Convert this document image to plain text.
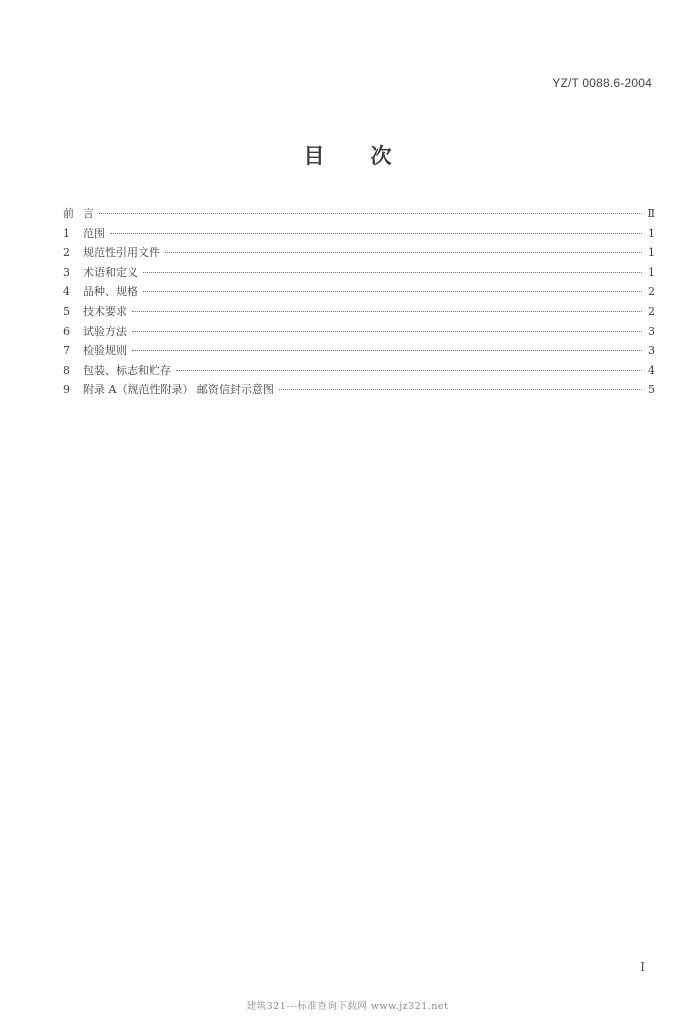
YZ/T 0088.6-2004
目 次
前 言	Ⅱ
1	范围	1
2	规范性引用文件	1
3	术语和定义	1
4	品种、规格	2
5	技术要求	2
6	试验方法	3
7	检验规则	3
8	包装、标志和贮存	4
9	附录 A（规范性附录） 邮资信封示意图	5
I
建筑321---标准查询下载网 www.jz321.net
